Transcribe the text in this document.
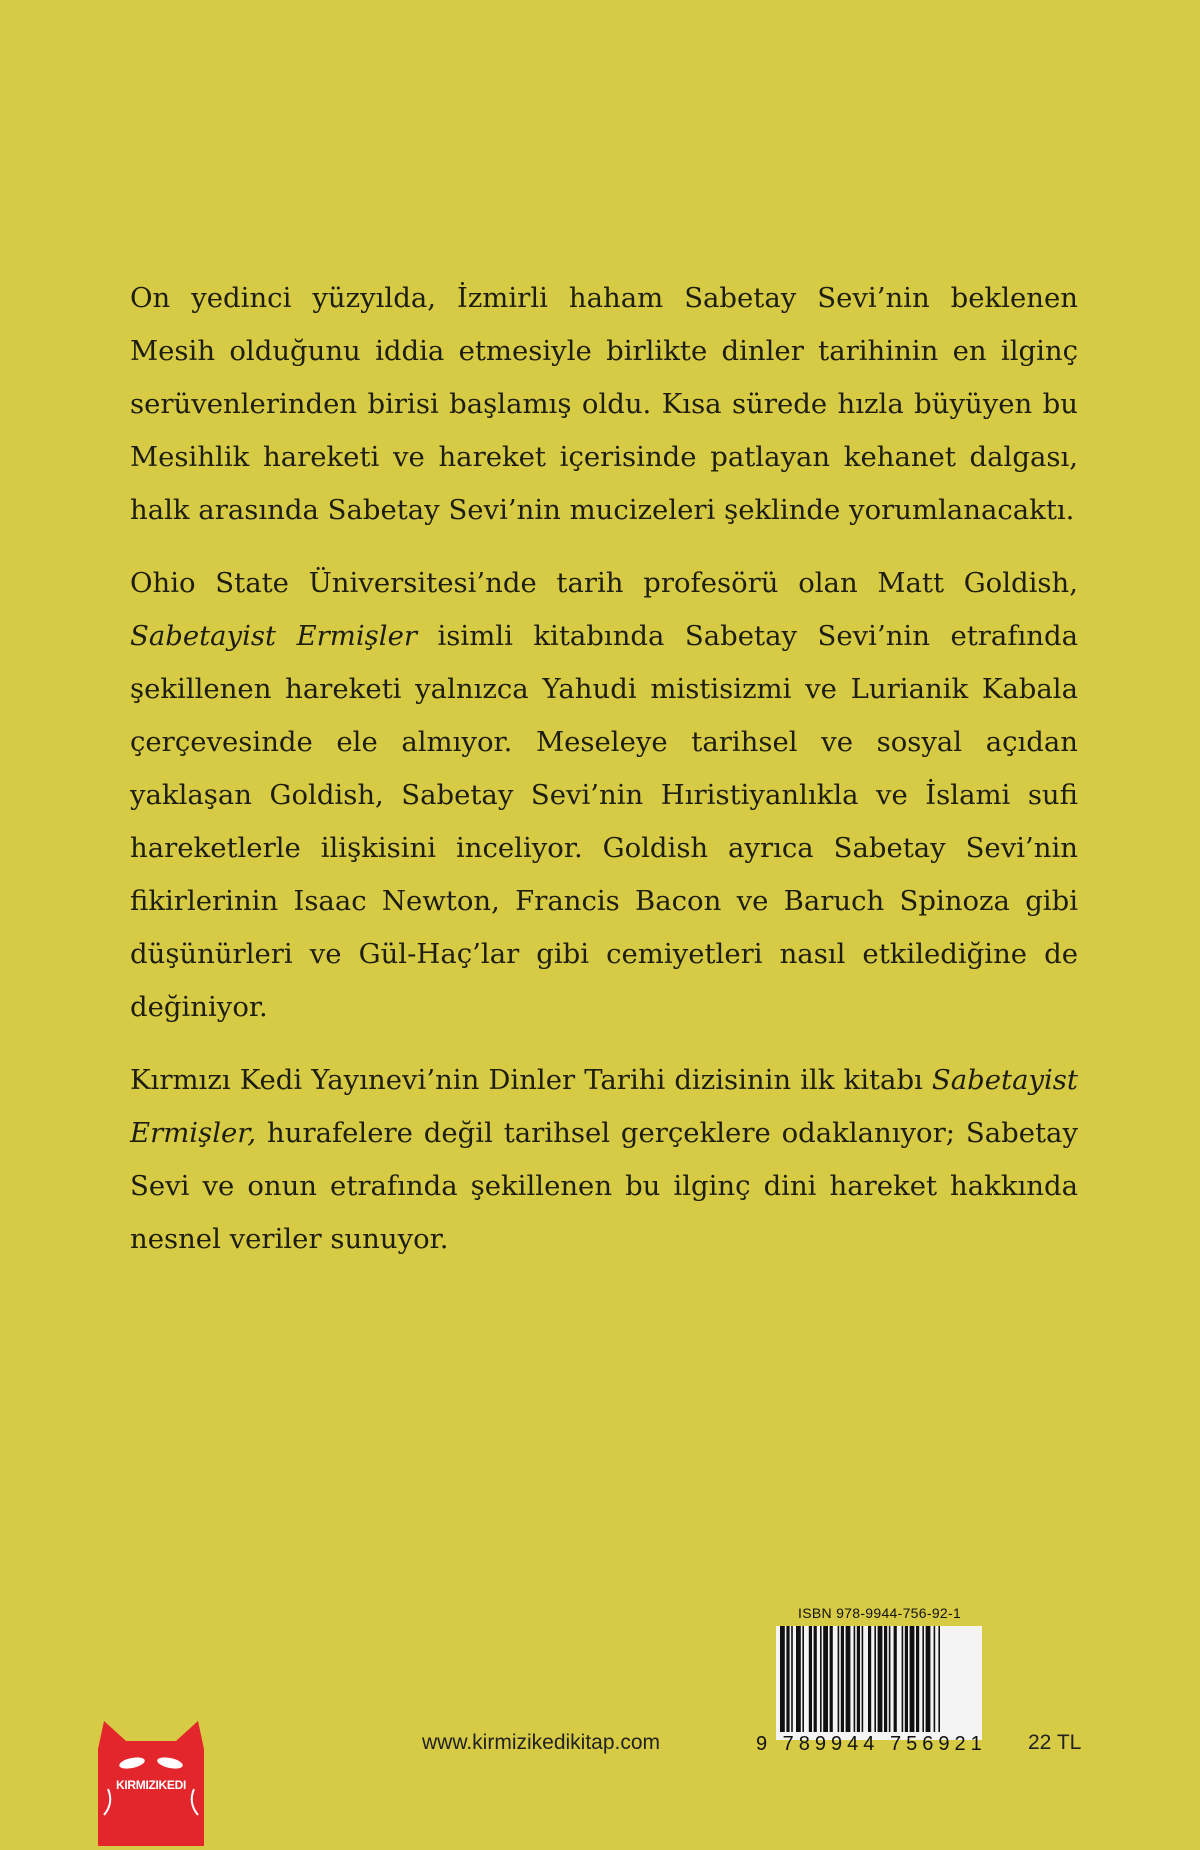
On yedinci yüzyılda, İzmirli haham Sabetay Sevi’nin beklenen Mesih olduğunu iddia etmesiyle birlikte dinler tarihinin en ilginç serüvenlerinden birisi başlamış oldu. Kısa sürede hızla büyüyen bu Mesihlik hareketi ve hareket içerisinde patlayan kehanet dalgası, halk arasında Sabetay Sevi’nin mucizeleri şeklinde yorumlanacaktı.

Ohio State Üniversitesi’nde tarih profesörü olan Matt Goldish, Sabetayist Ermişler isimli kitabında Sabetay Sevi’nin etrafında şekillenen hareketi yalnızca Yahudi mistisizmi ve Lurianik Kabala çerçevesinde ele almıyor. Meseleye tarihsel ve sosyal açıdan yaklaşan Goldish, Sabetay Sevi’nin Hıristiyanlıkla ve İslami sufi hareketlerle ilişkisini inceliyor. Goldish ayrıca Sabetay Sevi’nin fikirlerinin Isaac Newton, Francis Bacon ve Baruch Spinoza gibi düşünürleri ve Gül-Haç’lar gibi cemiyetleri nasıl etkilediğine de değiniyor.

Kırmızı Kedi Yayınevi’nin Dinler Tarihi dizisinin ilk kitabı Sabetayist Ermişler, hurafelere değil tarihsel gerçeklere odaklanıyor; Sabetay Sevi ve onun etrafında şekillenen bu ilginç dini hareket hakkında nesnel veriler sunuyor.

KIRMIZIKEDI
www.kirmizikedikitap.com
ISBN 978-9944-756-92-1
9 789944 756921 22 TL
